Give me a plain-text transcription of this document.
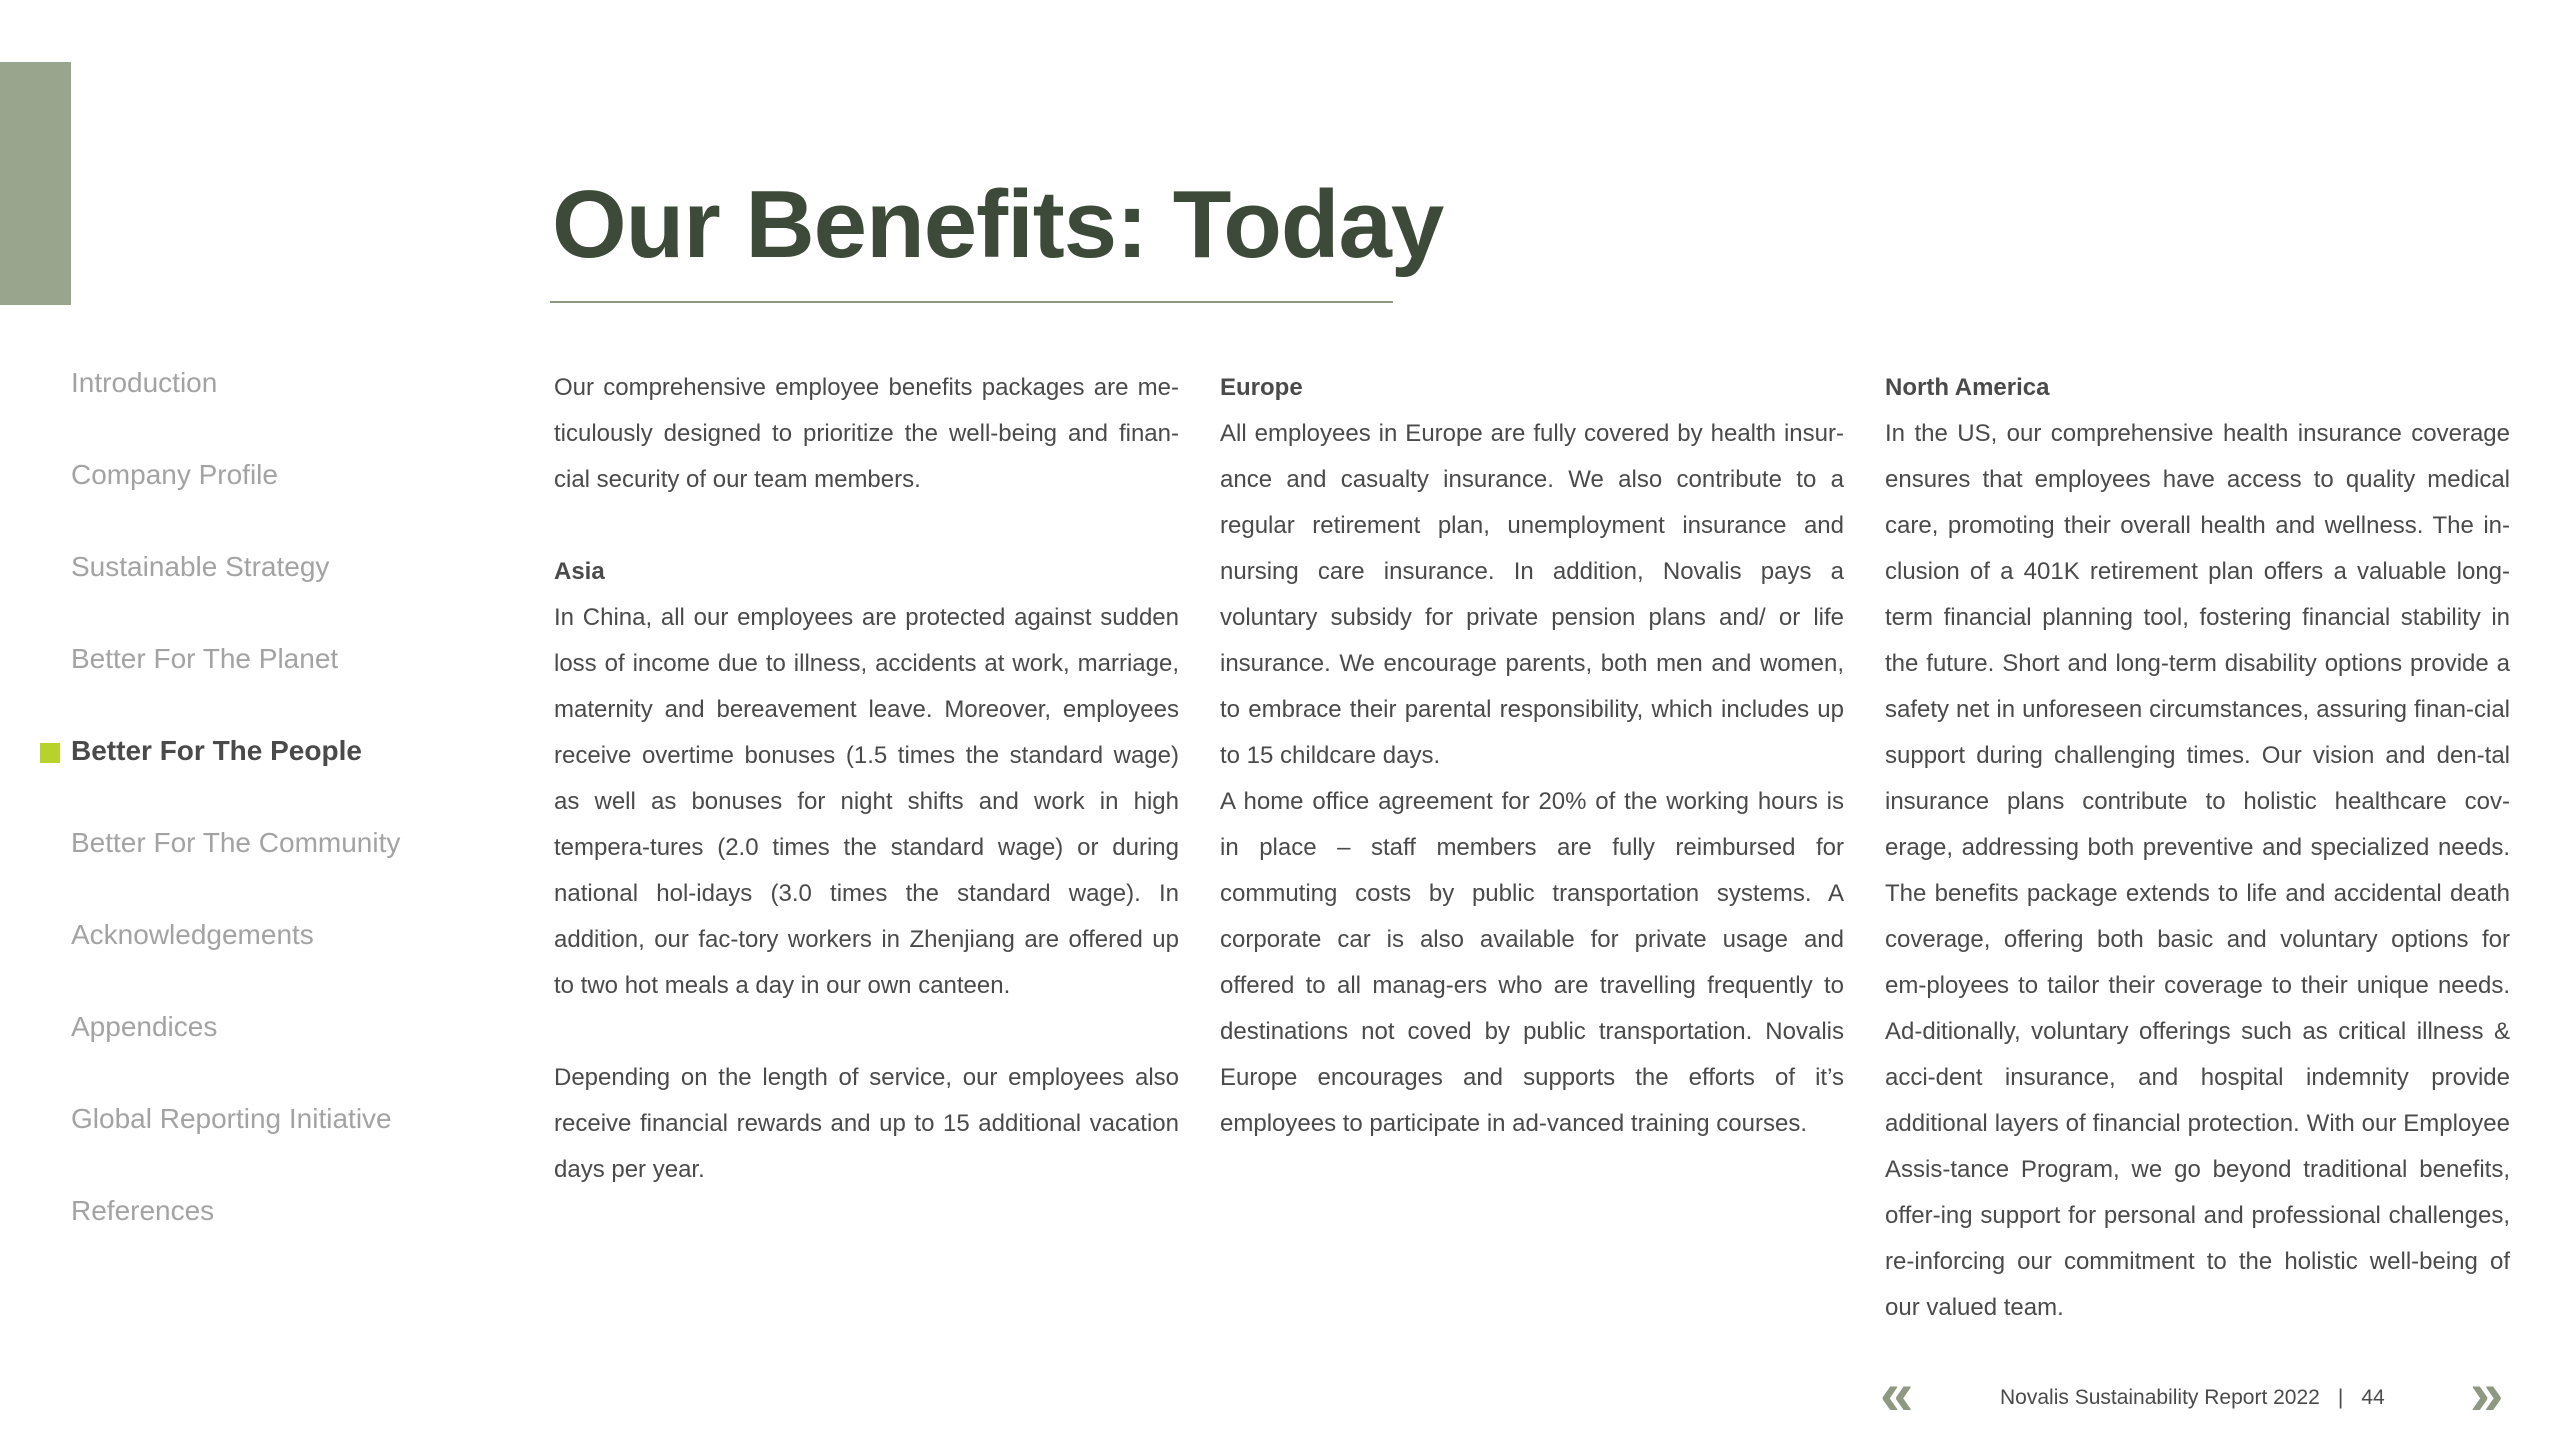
Our Benefits: Today
Introduction
Company Profile
Sustainable Strategy
Better For The Planet
Better For The People
Better For The Community
Acknowledgements
Appendices
Global Reporting Initiative
References

Our comprehensive employee benefits packages are me-ticulously designed to prioritize the well-being and finan-cial security of our team members.

Asia

In China, all our employees are protected against sudden loss of income due to illness, accidents at work, marriage, maternity and bereavement leave. Moreover, employees receive overtime bonuses (1.5 times the standard wage) as well as bonuses for night shifts and work in high tempera-tures (2.0 times the standard wage) or during national hol-idays (3.0 times the standard wage). In addition, our fac-tory workers in Zhenjiang are offered up to two hot meals a day in our own canteen.

Depending on the length of service, our employees also receive financial rewards and up to 15 additional vacation days per year.

Europe

All employees in Europe are fully covered by health insur-ance and casualty insurance. We also contribute to a regular retirement plan, unemployment insurance and nursing care insurance. In addition, Novalis pays a voluntary subsidy for private pension plans and/ or life insurance. We encourage parents, both men and women, to embrace their parental responsibility, which includes up to 15 childcare days.

A home office agreement for 20% of the working hours is in place – staff members are fully reimbursed for commuting costs by public transportation systems. A corporate car is also available for private usage and offered to all manag-ers who are travelling frequently to destinations not coved by public transportation. Novalis Europe encourages and supports the efforts of it’s employees to participate in ad-vanced training courses.

North America

In the US, our comprehensive health insurance coverage ensures that employees have access to quality medical care, promoting their overall health and wellness. The in-clusion of a 401K retirement plan offers a valuable long-term financial planning tool, fostering financial stability in the future. Short and long-term disability options provide a safety net in unforeseen circumstances, assuring finan-cial support during challenging times. Our vision and den-tal insurance plans contribute to holistic healthcare cov-erage, addressing both preventive and specialized needs. The benefits package extends to life and accidental death coverage, offering both basic and voluntary options for em-ployees to tailor their coverage to their unique needs. Ad-ditionally, voluntary offerings such as critical illness & acci-dent insurance, and hospital indemnity provide additional layers of financial protection. With our Employee Assis-tance Program, we go beyond traditional benefits, offer-ing support for personal and professional challenges, re-inforcing our commitment to the holistic well-being of our valued team.

«	Novalis Sustainability Report 2022 | 44 »
